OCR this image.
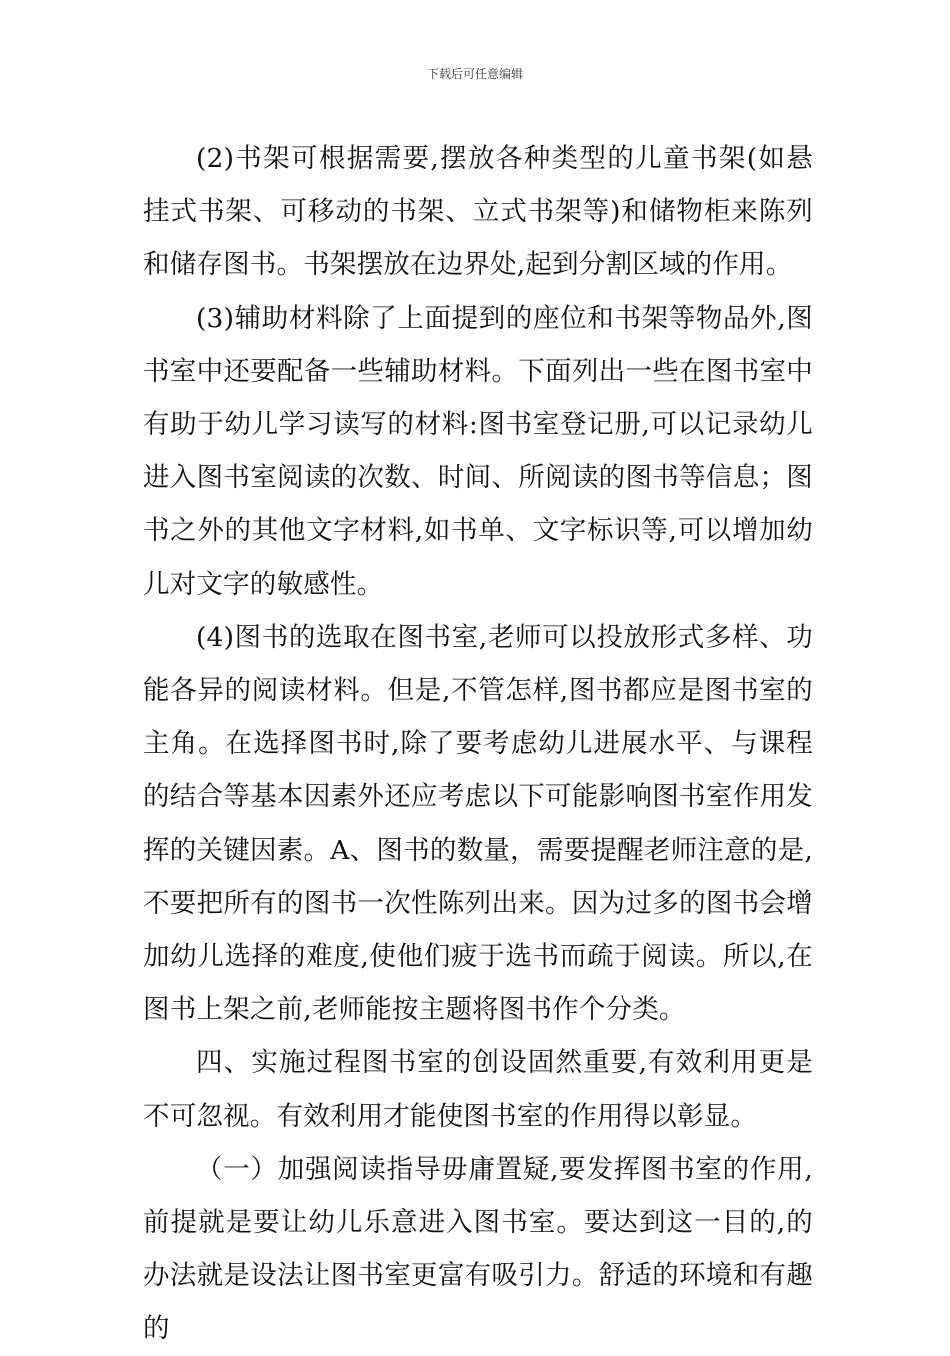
下载后可任意编辑

(2)书架可根据需要,摆放各种类型的儿童书架(如悬挂式书架、可移动的书架、立式书架等)和储物柜来陈列和储存图书。书架摆放在边界处,起到分割区域的作用。

(3)辅助材料除了上面提到的座位和书架等物品外,图书室中还要配备一些辅助材料。下面列出一些在图书室中有助于幼儿学习读写的材料:图书室登记册,可以记录幼儿进入图书室阅读的次数、时间、所阅读的图书等信息；图书之外的其他文字材料,如书单、文字标识等,可以增加幼儿对文字的敏感性。

(4)图书的选取在图书室,老师可以投放形式多样、功能各异的阅读材料。但是,不管怎样,图书都应是图书室的主角。在选择图书时,除了要考虑幼儿进展水平、与课程的结合等基本因素外还应考虑以下可能影响图书室作用发挥的关键因素。A、图书的数量，需要提醒老师注意的是,不要把所有的图书一次性陈列出来。因为过多的图书会增加幼儿选择的难度,使他们疲于选书而疏于阅读。所以,在图书上架之前,老师能按主题将图书作个分类。

四、实施过程图书室的创设固然重要,有效利用更是不可忽视。有效利用才能使图书室的作用得以彰显。

（一）加强阅读指导毋庸置疑,要发挥图书室的作用,前提就是要让幼儿乐意进入图书室。要达到这一目的,的办法就是设法让图书室更富有吸引力。舒适的环境和有趣的
